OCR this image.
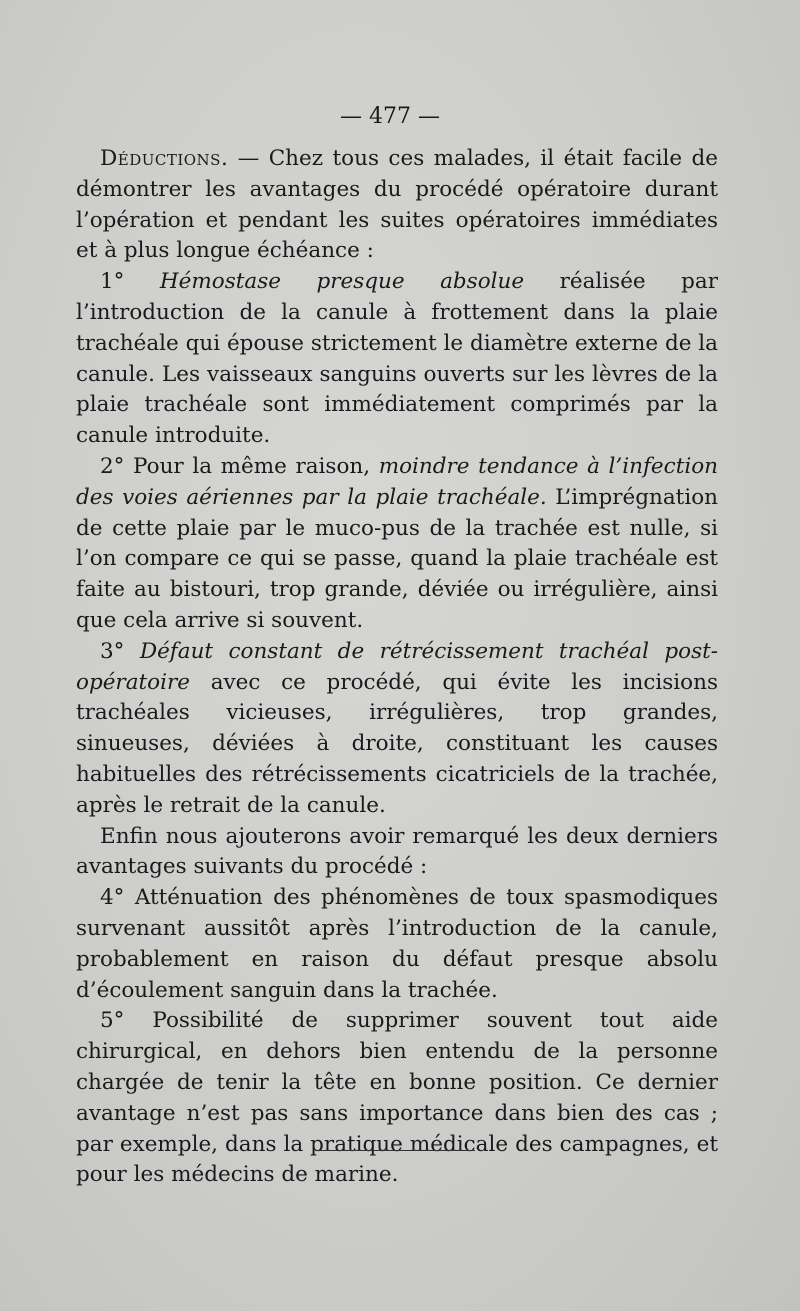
— 477 —

Déductions. — Chez tous ces malades, il était facile de démontrer les avantages du procédé opératoire durant l’opération et pendant les suites opératoires immédiates et à plus longue échéance :

1° Hémostase presque absolue réalisée par l’introduction de la canule à frottement dans la plaie trachéale qui épouse strictement le diamètre externe de la canule. Les vaisseaux sanguins ouverts sur les lèvres de la plaie trachéale sont immédiatement comprimés par la canule introduite.

2° Pour la même raison, moindre tendance à l’infection des voies aériennes par la plaie trachéale. L’imprégnation de cette plaie par le muco-pus de la trachée est nulle, si l’on compare ce qui se passe, quand la plaie trachéale est faite au bistouri, trop grande, déviée ou irrégulière, ainsi que cela arrive si souvent.

3° Défaut constant de rétrécissement trachéal post-opératoire avec ce procédé, qui évite les incisions trachéales vicieuses, irrégulières, trop grandes, sinueuses, déviées à droite, constituant les causes habituelles des rétrécissements cicatriciels de la trachée, après le retrait de la canule.

Enfin nous ajouterons avoir remarqué les deux derniers avantages suivants du procédé :

4° Atténuation des phénomènes de toux spasmodiques survenant aussitôt après l’introduction de la canule, probablement en raison du défaut presque absolu d’écoulement sanguin dans la trachée.

5° Possibilité de supprimer souvent tout aide chirurgical, en dehors bien entendu de la personne chargée de tenir la tête en bonne position. Ce dernier avantage n’est pas sans importance dans bien des cas ; par exemple, dans la pratique médicale des campagnes, et pour les médecins de marine.
